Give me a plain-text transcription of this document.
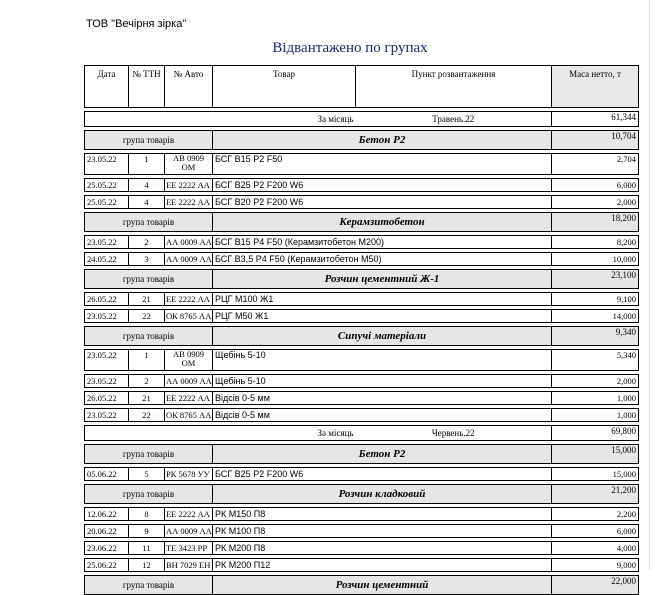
ТОВ "Вечірня зірка"
Відвантажено по групах
Дата	№ ТТН	№ Авто	Товар	Пункт розвантаження	Маса нетто, т

За місяць				Травень.22	61,344

група товарів			Бетон Р2		10,704

23.05.22	1	АВ 0909 ОМ	БСГ В15 Р2 F50		2,704

25.05.22	4	ЕЕ 2222 АА	БСГ В25 Р2 F200 W6		6,000

25.05.22	4	ЕЕ 2222 АА	БСГ В20 Р2 F200 W6		2,000

група товарів			Керамзитобетон		18,200

23.05.22	2	АА 0009 АА	БСГ В15 Р4 F50 (Керамзитобетон М200)		8,200

24.05.22	3	АА 0009 АА	БСГ В3,5 Р4 F50 (Керамзитобетон М50)		10,000

група товарів			Розчин цементний Ж-1		23,100

26.05.22	21	ЕЕ 2222 АА	РЦГ М100 Ж1		9,100

23.05.22	22	ОК 8765 АА	РЦГ М50 Ж1		14,000

група товарів			Сипучі матеріали		9,340

23.05.22	1	АВ 0909 ОМ	Щебінь 5-10		5,340

23.05.22	2	АА 0009 АА	Щебінь 5-10		2,000

26.05.22	21	ЕЕ 2222 АА	Відсів 0-5 мм		1,000

23.05.22	22	ОК 8765 АА	Відсів 0-5 мм		1,000

За місяць				Червень.22	69,800

група товарів			Бетон Р2		15,000

05.06.22	5	РК 5678 УУ	БСГ В25 Р2 F200 W6		15,000

група товарів			Розчин кладковий		21,200

12.06.22	8	ЕЕ 2222 АА	РК М150 П8		2,200

20.06.22	9	АА 0009 АА	РК М100 П8		6,000

23.06.22	11	ТЕ 3423 РР	РК М200 П8		4,000

25.06.22	12	ВН 7029 ЕН	РК М200 П12		9,000

група товарів			Розчин цементний		22,000
